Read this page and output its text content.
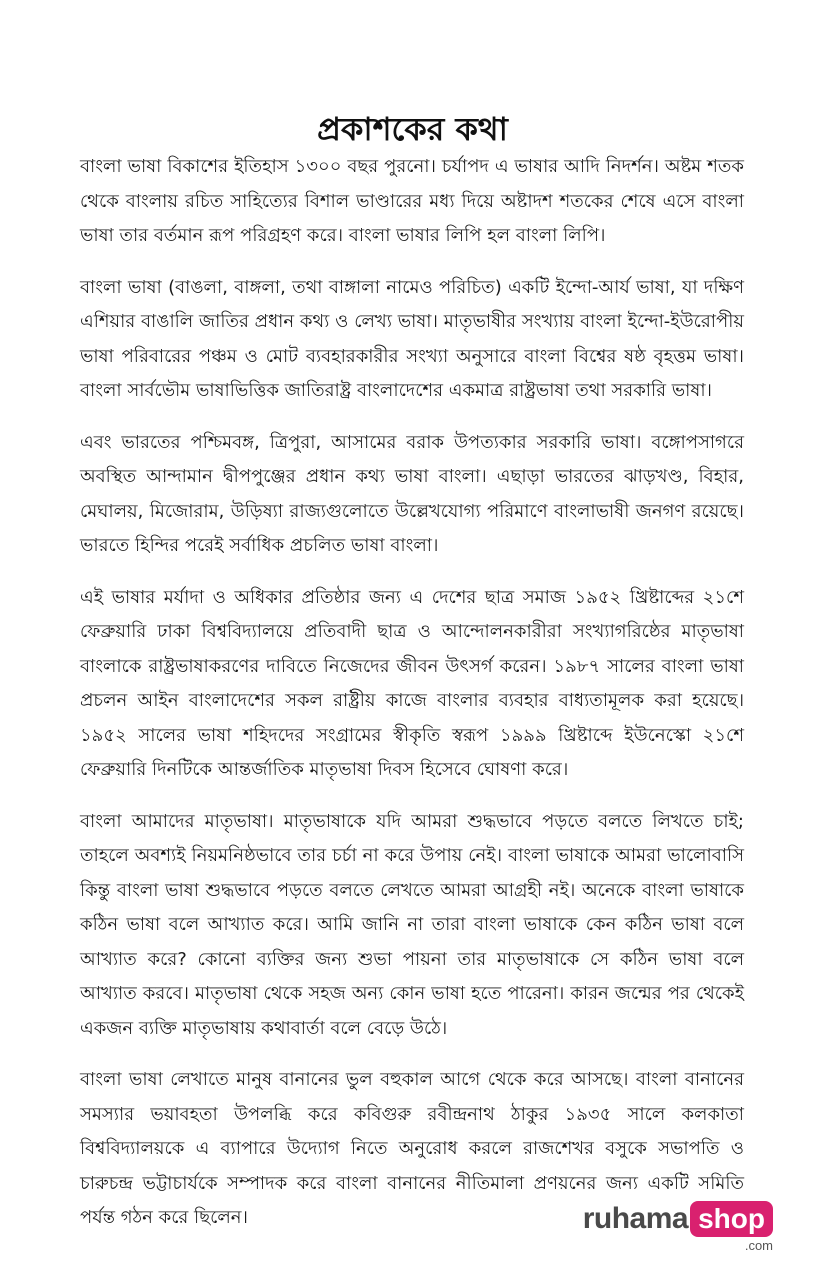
প্রকাশকের কথা

বাংলা ভাষা বিকাশের ইতিহাস ১৩০০ বছর পুরনো। চর্যাপদ এ ভাষার আদি নিদর্শন। অষ্টম শতক থেকে বাংলায় রচিত সাহিত্যের বিশাল ভাণ্ডারের মধ্য দিয়ে অষ্টাদশ শতকের শেষে এসে বাংলা ভাষা তার বর্তমান রূপ পরিগ্রহণ করে। বাংলা ভাষার লিপি হল বাংলা লিপি।

বাংলা ভাষা (বাঙলা, বাঙ্গলা, তথা বাঙ্গালা নামেও পরিচিত) একটি ইন্দো-আর্য ভাষা, যা দক্ষিণ এশিয়ার বাঙালি জাতির প্রধান কথ্য ও লেখ্য ভাষা। মাতৃভাষীর সংখ্যায় বাংলা ইন্দো-ইউরোপীয় ভাষা পরিবারের পঞ্চম ও মোট ব্যবহারকারীর সংখ্যা অনুসারে বাংলা বিশ্বের ষষ্ঠ বৃহত্তম ভাষা। বাংলা সার্বভৌম ভাষাভিত্তিক জাতিরাষ্ট্র বাংলাদেশের একমাত্র রাষ্ট্রভাষা তথা সরকারি ভাষা।

এবং ভারতের পশ্চিমবঙ্গ, ত্রিপুরা, আসামের বরাক উপত্যকার সরকারি ভাষা। বঙ্গোপসাগরে অবস্থিত আন্দামান দ্বীপপুঞ্জের প্রধান কথ্য ভাষা বাংলা। এছাড়া ভারতের ঝাড়খণ্ড, বিহার, মেঘালয়, মিজোরাম, উড়িষ্যা রাজ্যগুলোতে উল্লেখযোগ্য পরিমাণে বাংলাভাষী জনগণ রয়েছে। ভারতে হিন্দির পরেই সর্বাধিক প্রচলিত ভাষা বাংলা।

এই ভাষার মর্যাদা ও অধিকার প্রতিষ্ঠার জন্য এ দেশের ছাত্র সমাজ ১৯৫২ খ্রিষ্টাব্দের ২১শে ফেব্রুয়ারি ঢাকা বিশ্ববিদ্যালয়ে প্রতিবাদী ছাত্র ও আন্দোলনকারীরা সংখ্যাগরিষ্ঠের মাতৃভাষা বাংলাকে রাষ্ট্রভাষাকরণের দাবিতে নিজেদের জীবন উৎসর্গ করেন। ১৯৮৭ সালের বাংলা ভাষা প্রচলন আইন বাংলাদেশের সকল রাষ্ট্রীয় কাজে বাংলার ব্যবহার বাধ্যতামূলক করা হয়েছে।১৯৫২ সালের ভাষা শহিদদের সংগ্রামের স্বীকৃতি স্বরূপ ১৯৯৯ খ্রিষ্টাব্দে ইউনেস্কো ২১শে ফেব্রুয়ারি দিনটিকে আন্তর্জাতিক মাতৃভাষা দিবস হিসেবে ঘোষণা করে।

বাংলা আমাদের মাতৃভাষা। মাতৃভাষাকে যদি আমরা শুদ্ধভাবে পড়তে বলতে লিখতে চাই; তাহলে অবশ্যই নিয়মনিষ্ঠভাবে তার চর্চা না করে উপায় নেই। বাংলা ভাষাকে আমরা ভালোবাসি কিন্তু বাংলা ভাষা শুদ্ধভাবে পড়তে বলতে লেখতে আমরা আগ্রহী নই। অনেকে বাংলা ভাষাকে কঠিন ভাষা বলে আখ্যাত করে। আমি জানি না তারা বাংলা ভাষাকে কেন কঠিন ভাষা বলে আখ্যাত করে? কোনো ব্যক্তির জন্য শুভা পায়না তার মাতৃভাষাকে সে কঠিন ভাষা বলে আখ্যাত করবে। মাতৃভাষা থেকে সহজ অন্য কোন ভাষা হতে পারেনা। কারন জন্মের পর থেকেই একজন ব্যক্তি মাতৃভাষায় কথাবার্তা বলে বেড়ে উঠে।

বাংলা ভাষা লেখাতে মানুষ বানানের ভুল বহুকাল আগে থেকে করে আসছে। বাংলা বানানের সমস্যার ভয়াবহতা উপলব্ধি করে কবিগুরু রবীন্দ্রনাথ ঠাকুর ১৯৩৫ সালে কলকাতা বিশ্ববিদ্যালয়কে এ ব্যাপারে উদ্যোগ নিতে অনুরোধ করলে রাজশেখর বসুকে সভাপতি ও চারুচন্দ্র ভট্টাচার্যকে সম্পাদক করে বাংলা বানানের নীতিমালা প্রণয়নের জন্য একটি সমিতি পর্যন্ত গঠন করে ছিলেন।	ruhama shop
.com
